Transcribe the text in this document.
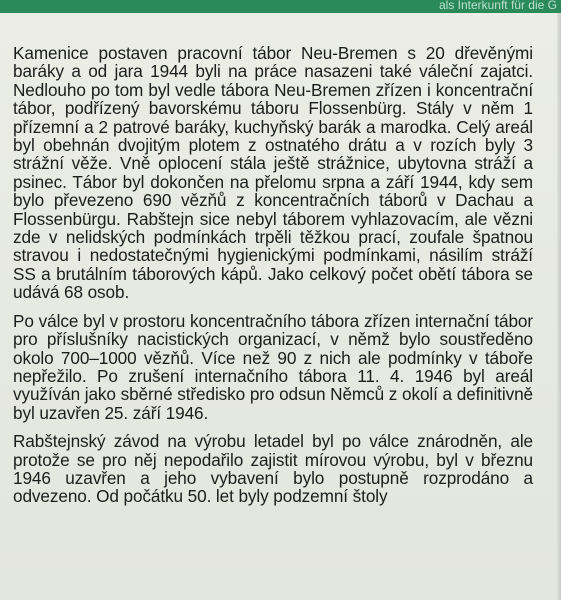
als Interkunft für die G

Kamenice postaven pracovní tábor Neu-Bremen s 20 dřevěnými baráky a od jara 1944 byli na práce nasazeni také váleční zajatci. Nedlouho po tom byl vedle tábora Neu-Bremen zřízen i koncentrační tábor, podřízený bavorskému táboru Flossenbürg. Stály v něm 1 přízemní a 2 patrové baráky, kuchyňský barák a marodka. Celý areál byl obehnán dvojitým plotem z ostnatého drátu a v rozích byly 3 strážní věže. Vně oplocení stála ještě strážnice, ubytovna stráží a psinec. Tábor byl dokončen na přelomu srpna a září 1944, kdy sem bylo převezeno 690 vězňů z koncentračních táborů v Dachau a Flossenbürgu. Rabštejn sice nebyl táborem vyhlazovacím, ale vězni zde v nelidských podmínkách trpěli těžkou prací, zoufale špatnou stravou i nedostatečnými hygienickými podmínkami, násilím stráží SS a brutálním táborových kápů. Jako celkový počet obětí tábora se udává 68 osob.

Po válce byl v prostoru koncentračního tábora zřízen internační tábor pro příslušníky nacistických organizací, v němž bylo soustředěno okolo 700–1000 vězňů. Více než 90 z nich ale podmínky v táboře nepřežilo. Po zrušení internačního tábora 11. 4. 1946 byl areál využíván jako sběrné středisko pro odsun Němců z okolí a definitivně byl uzavřen 25. září 1946.

Rabštejnský závod na výrobu letadel byl po válce znárodněn, ale protože se pro něj nepodařilo zajistit mírovou výrobu, byl v březnu 1946 uzavřen a jeho vybavení bylo postupně rozprodáno a odvezeno. Od počátku 50. let byly podzemní štoly
